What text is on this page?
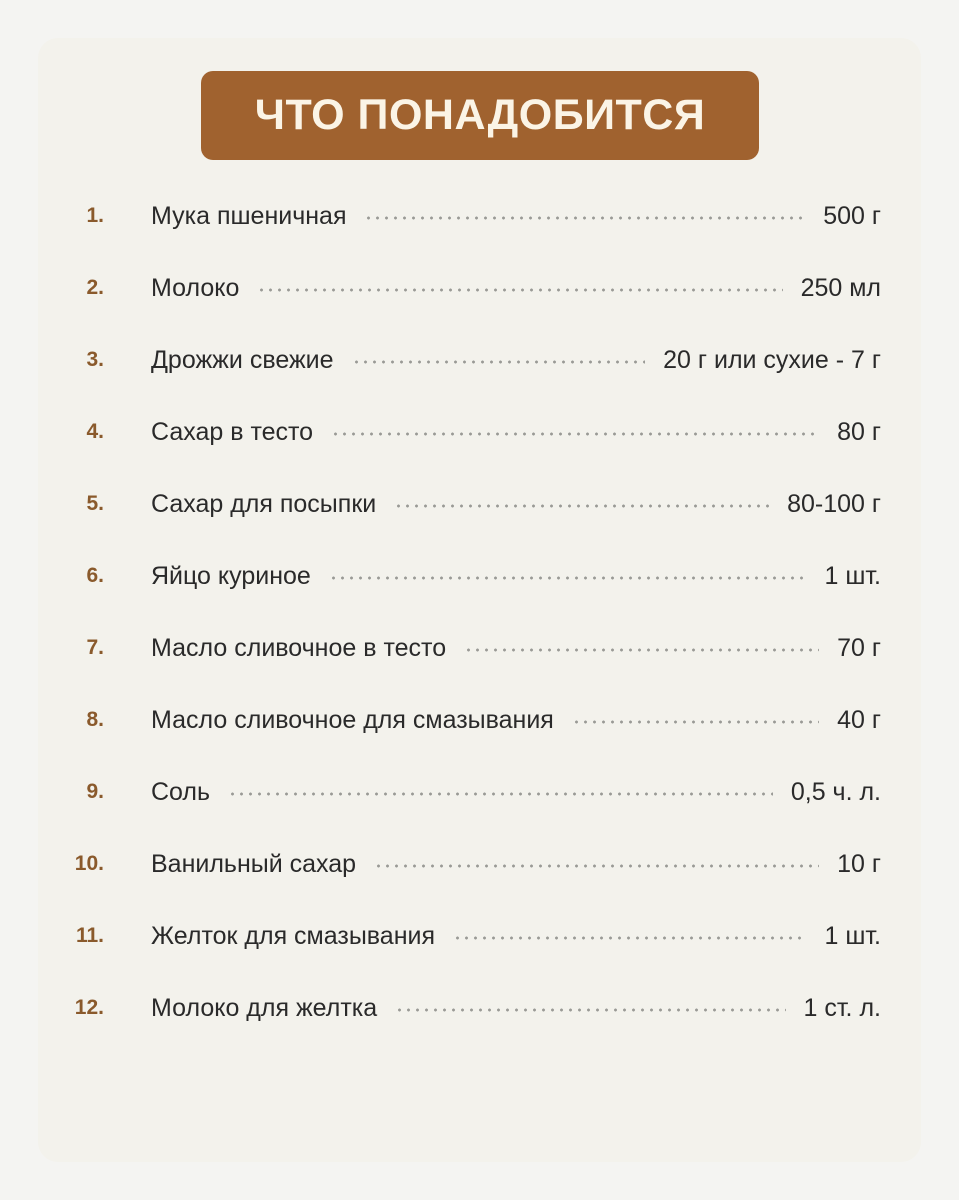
ЧТО ПОНАДОБИТСЯ
1. Мука пшеничная	500 г
2. Молоко	250 мл
3. Дрожжи свежие	20 г или сухие - 7 г
4. Сахар в тесто	80 г
5. Сахар для посыпки	80-100 г
6. Яйцо куриное	1 шт.
7. Масло сливочное в тесто	70 г
8. Масло сливочное для смазывания	40 г
9. Соль	0,5 ч. л.
10. Ванильный сахар	10 г
11. Желток для смазывания	1 шт.
12. Молоко для желтка	1 ст. л.
